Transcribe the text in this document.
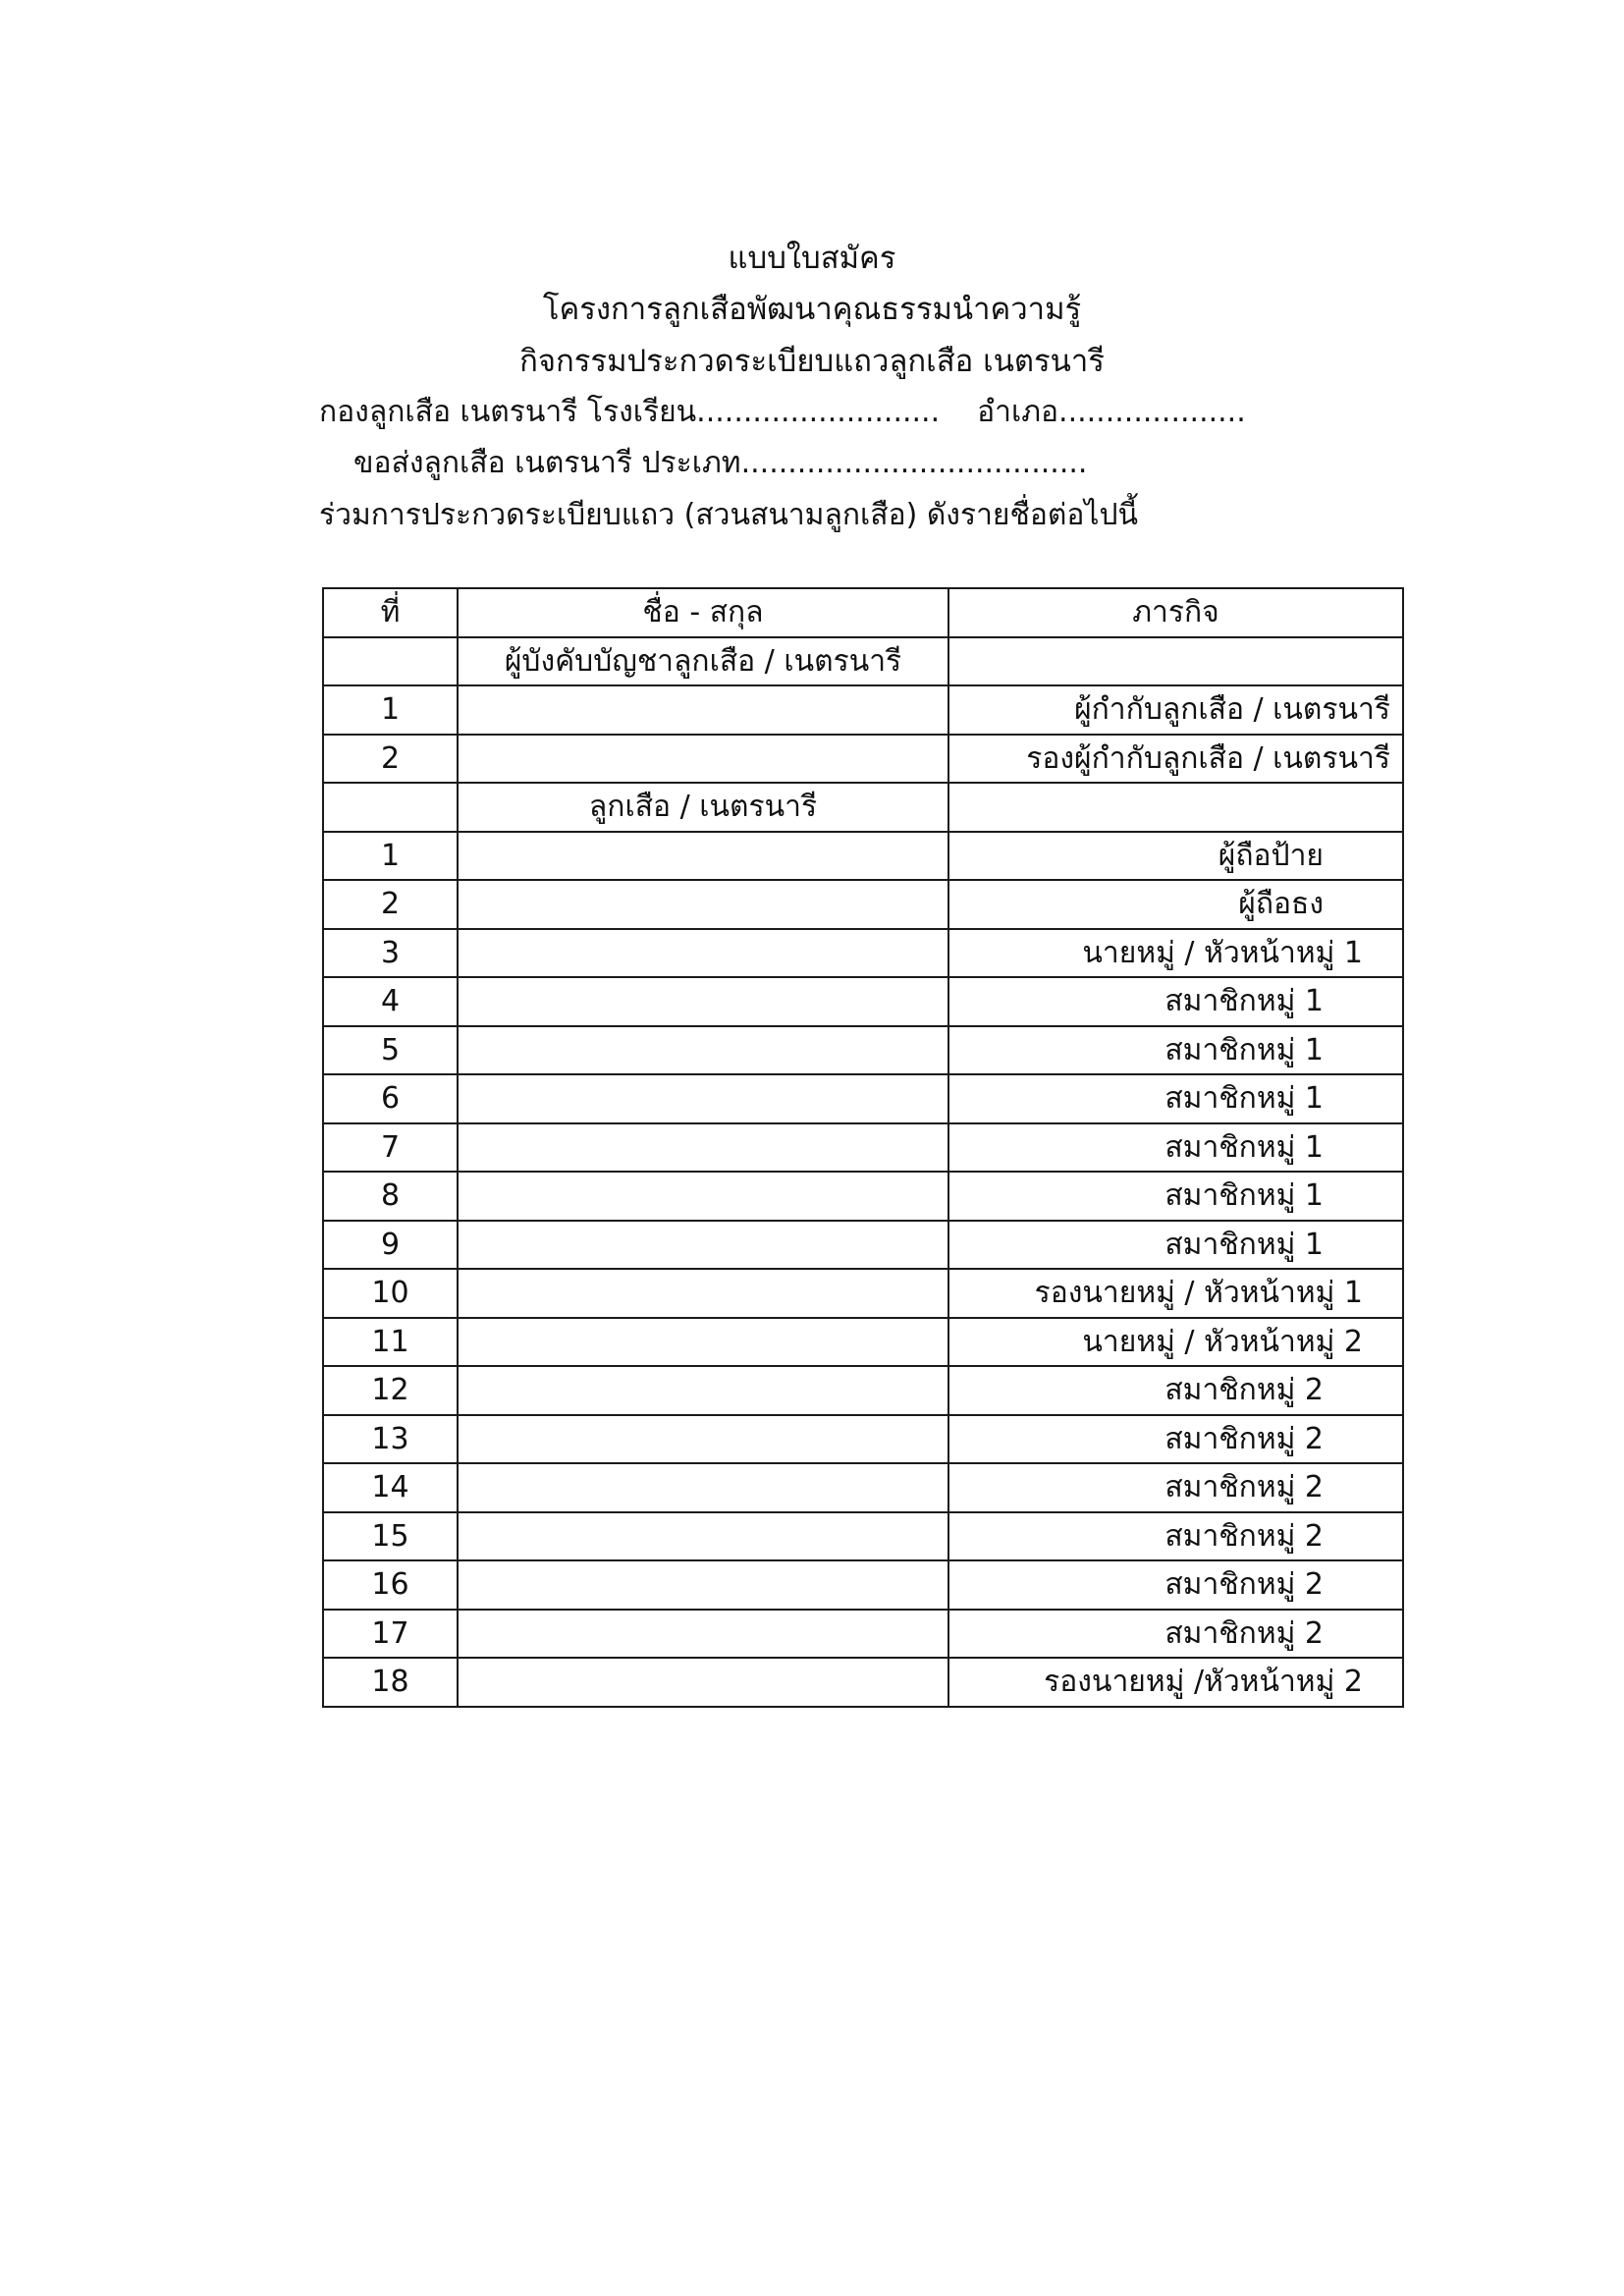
แบบใบสมัคร
โครงการลูกเสือพัฒนาคุณธรรมนำความรู้
กิจกรรมประกวดระเบียบแถวลูกเสือ เนตรนารี
กองลูกเสือ เนตรนารี โรงเรียน.......................... อำเภอ....................
ขอส่งลูกเสือ เนตรนารี ประเภท.....................................
ร่วมการประกวดระเบียบแถว (สวนสนามลูกเสือ) ดังรายชื่อต่อไปนี้
ที่	ชื่อ - สกุล	ภารกิจ
	ผู้บังคับบัญชาลูกเสือ / เนตรนารี	
1		ผู้กำกับลูกเสือ / เนตรนารี
2		รองผู้กำกับลูกเสือ / เนตรนารี
	ลูกเสือ / เนตรนารี	
1		ผู้ถือป้าย
2		ผู้ถือธง
3		นายหมู่ / หัวหน้าหมู่ 1
4		สมาชิกหมู่ 1
5		สมาชิกหมู่ 1
6		สมาชิกหมู่ 1
7		สมาชิกหมู่ 1
8		สมาชิกหมู่ 1
9		สมาชิกหมู่ 1
10		รองนายหมู่ / หัวหน้าหมู่ 1
11		นายหมู่ / หัวหน้าหมู่ 2
12		สมาชิกหมู่ 2
13		สมาชิกหมู่ 2
14		สมาชิกหมู่ 2
15		สมาชิกหมู่ 2
16		สมาชิกหมู่ 2
17		สมาชิกหมู่ 2
18		รองนายหมู่ /หัวหน้าหมู่ 2
